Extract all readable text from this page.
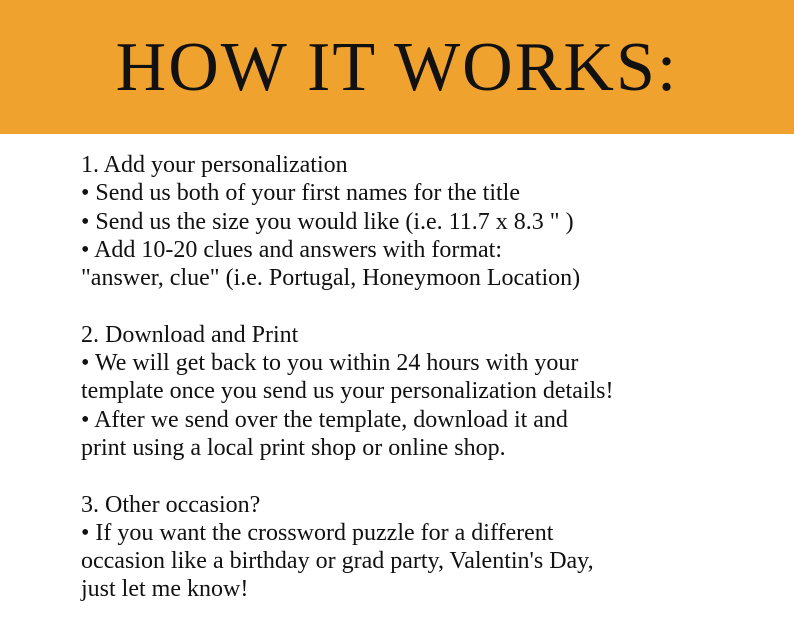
HOW IT WORKS:
1. Add your personalization
• Send us both of your first names for the title
• Send us the size you would like (i.e. 11.7 x 8.3 " )
• Add 10-20 clues and answers with format:
"answer, clue" (i.e. Portugal, Honeymoon Location)
2. Download and Print
• We will get back to you within 24 hours with your
template once you send us your personalization details!
• After we send over the template, download it and
print using a local print shop or online shop.
3. Other occasion?
• If you want the crossword puzzle for a different
occasion like a birthday or grad party, Valentin's Day,
just let me know!
